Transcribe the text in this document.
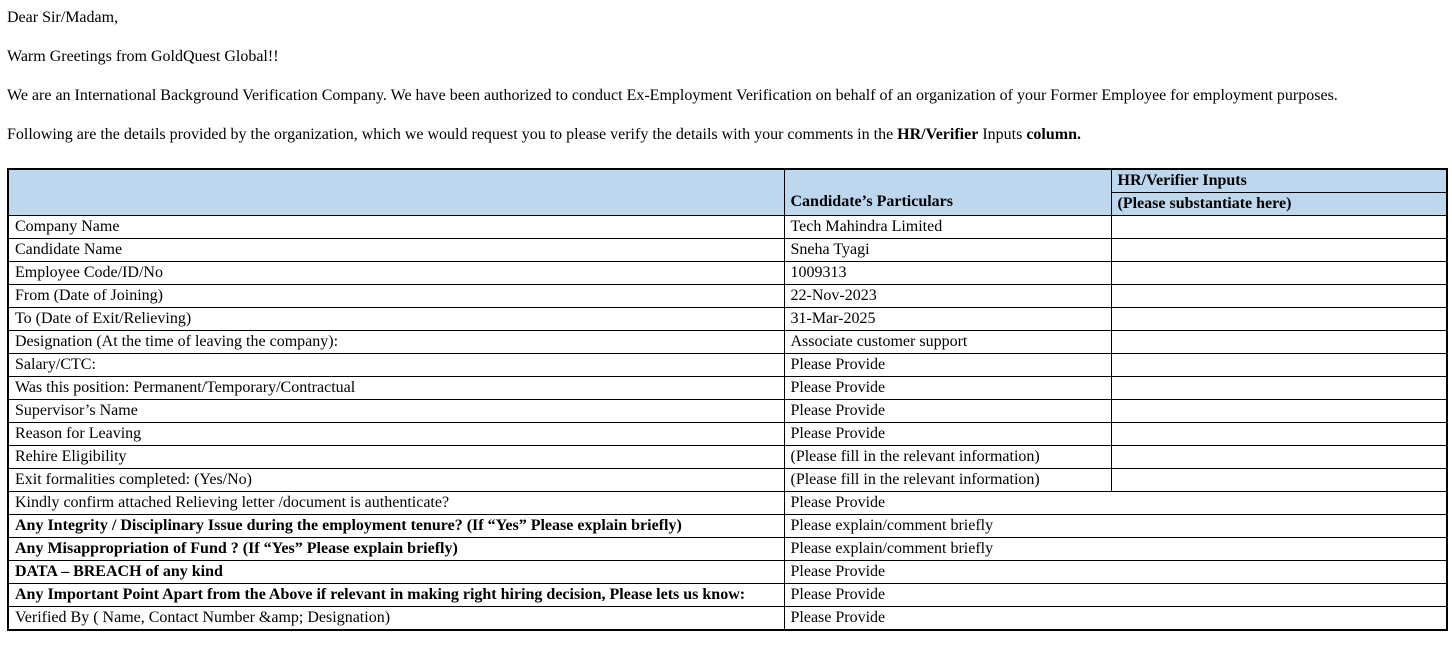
Dear Sir/Madam,

Warm Greetings from GoldQuest Global!!

We are an International Background Verification Company. We have been authorized to conduct Ex-Employment Verification on behalf of an organization of your Former Employee for employment purposes.

Following are the details provided by the organization, which we would request you to please verify the details with your comments in the HR/Verifier Inputs column.

	Candidate’s Particulars	HR/Verifier Inputs
		(Please substantiate here)
Company Name	Tech Mahindra Limited	
Candidate Name	Sneha Tyagi	
Employee Code/ID/No	1009313	
From (Date of Joining)	22-Nov-2023	
To (Date of Exit/Relieving)	31-Mar-2025	
Designation (At the time of leaving the company):	Associate customer support	
Salary/CTC:	Please Provide	
Was this position: Permanent/Temporary/Contractual	Please Provide	
Supervisor’s Name	Please Provide	
Reason for Leaving	Please Provide	
Rehire Eligibility	(Please fill in the relevant information)	
Exit formalities completed: (Yes/No)	(Please fill in the relevant information)	
Kindly confirm attached Relieving letter /document is authenticate?	Please Provide	
Any Integrity / Disciplinary Issue during the employment tenure? (If “Yes” Please explain briefly)	Please explain/comment briefly	
Any Misappropriation of Fund ? (If “Yes” Please explain briefly)	Please explain/comment briefly	
DATA – BREACH of any kind	Please Provide	
Any Important Point Apart from the Above if relevant in making right hiring decision, Please lets us know:	Please Provide	
Verified By ( Name, Contact Number &amp; Designation)	Please Provide	
